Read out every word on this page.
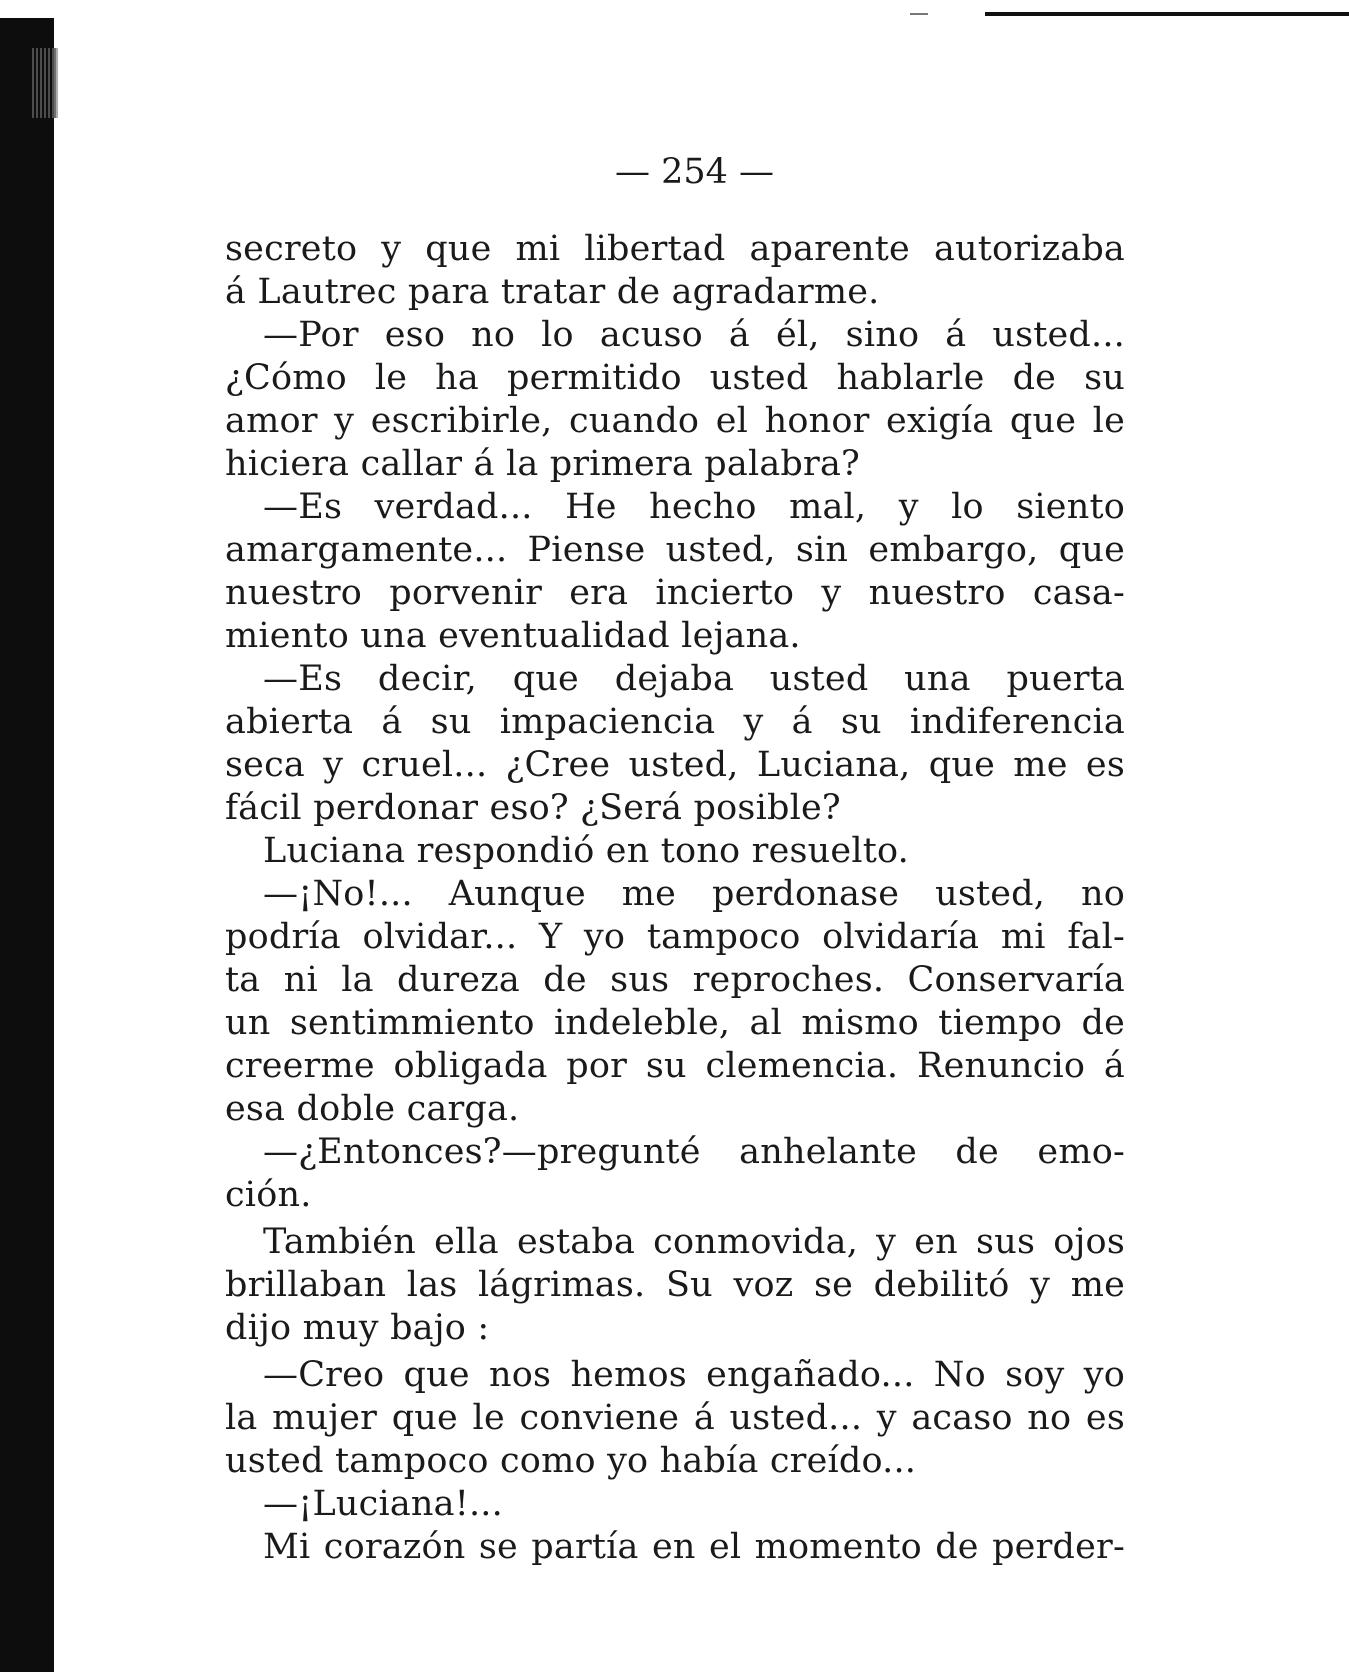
— 254 —
secreto y que mi libertad aparente autorizaba
á Lautrec para tratar de agradarme.
—Por eso no lo acuso á él, sino á usted...
¿Cómo le ha permitido usted hablarle de su
amor y escribirle, cuando el honor exigía que le
hiciera callar á la primera palabra?
—Es verdad... He hecho mal, y lo siento
amargamente... Piense usted, sin embargo, que
nuestro porvenir era incierto y nuestro casa-
miento una eventualidad lejana.
—Es decir, que dejaba usted una puerta
abierta á su impaciencia y á su indiferencia
seca y cruel... ¿Cree usted, Luciana, que me es
fácil perdonar eso? ¿Será posible?
Luciana respondió en tono resuelto.
—¡No!... Aunque me perdonase usted, no
podría olvidar... Y yo tampoco olvidaría mi fal-
ta ni la dureza de sus reproches. Conservaría
un sentimmiento indeleble, al mismo tiempo de
creerme obligada por su clemencia. Renuncio á
esa doble carga.
—¿Entonces?—pregunté anhelante de emo-
ción.
También ella estaba conmovida, y en sus ojos
brillaban las lágrimas. Su voz se debilitó y me
dijo muy bajo :
—Creo que nos hemos engañado... No soy yo
la mujer que le conviene á usted... y acaso no es
usted tampoco como yo había creído...
—¡Luciana!...
Mi corazón se partía en el momento de perder-
